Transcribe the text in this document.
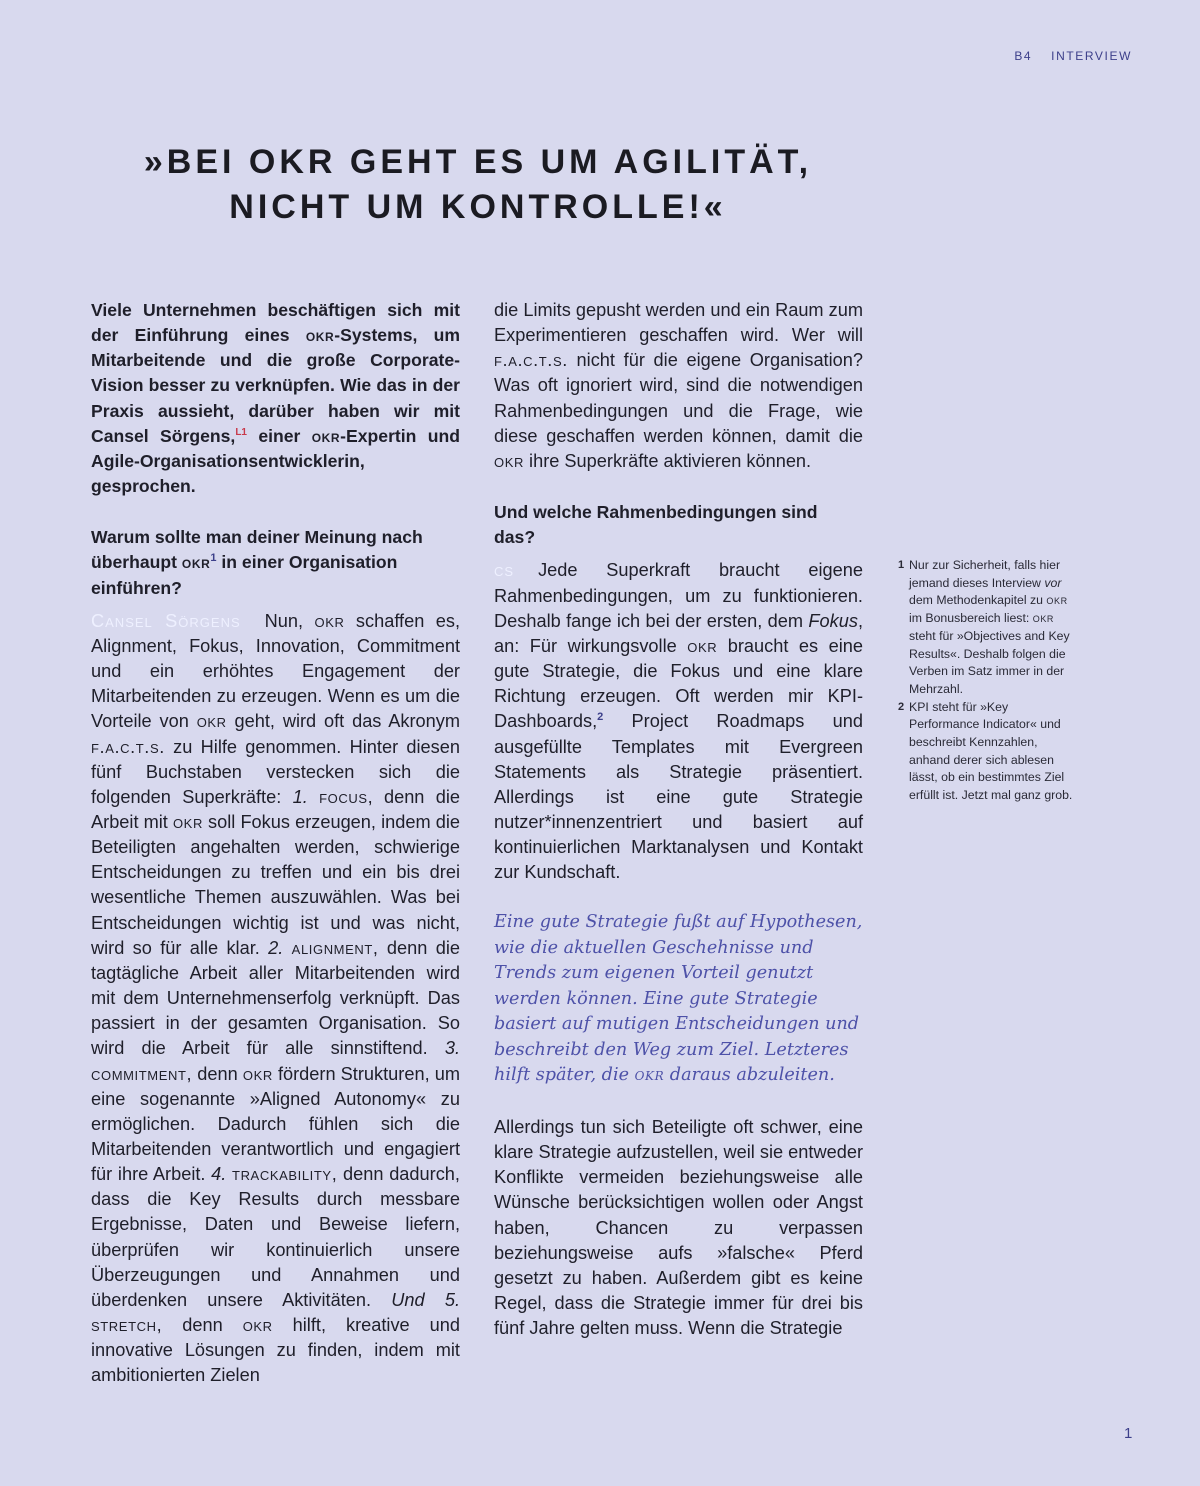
B4 INTERVIEW
»BEI OKR GEHT ES UM AGILITÄT,
NICHT UM KONTROLLE!«

Viele Unternehmen beschäftigen sich mit der Einführung eines okr-Systems, um Mitarbeitende und die große Corporate-Vision besser zu verknüpfen. Wie das in der Praxis aussieht, darüber haben wir mit Cansel Sörgens,$^{L1}$ einer okr-Expertin und Agile-Organisationsentwicklerin, gesprochen.

Warum sollte man deiner Meinung nach überhaupt okr$^1$ in einer Organisation einführen?

Cansel Sörgens Nun, okr schaffen es, Alignment, Fokus, Innovation, Commitment und ein erhöhtes Engagement der Mitarbeitenden zu erzeugen. Wenn es um die Vorteile von okr geht, wird oft das Akronym f.a.c.t.s. zu Hilfe genommen. Hinter diesen fünf Buchstaben verstecken sich die folgenden Superkräfte: 1. focus, denn die Arbeit mit okr soll Fokus erzeugen, indem die Beteiligten angehalten werden, schwierige Entscheidungen zu treffen und ein bis drei wesentliche Themen auszuwählen. Was bei Entscheidungen wichtig ist und was nicht, wird so für alle klar. 2. alignment, denn die tagtägliche Arbeit aller Mitarbeitenden wird mit dem Unternehmenserfolg verknüpft. Das passiert in der gesamten Organisation. So wird die Arbeit für alle sinnstiftend. 3. commitment, denn okr fördern Strukturen, um eine sogenannte »Aligned Autonomy« zu ermöglichen. Dadurch fühlen sich die Mitarbeitenden verantwortlich und engagiert für ihre Arbeit. 4. trackability, denn dadurch, dass die Key Results durch messbare Ergebnisse, Daten und Beweise liefern, überprüfen wir kontinuierlich unsere Überzeugungen und Annahmen und überdenken unsere Aktivitäten. Und 5. stretch, denn okr hilft, kreative und innovative Lösungen zu finden, indem mit ambitionierten Zielen

die Limits gepusht werden und ein Raum zum Experimentieren geschaffen wird. Wer will f.a.c.t.s. nicht für die eigene Organisation? Was oft ignoriert wird, sind die notwendigen Rahmenbedingungen und die Frage, wie diese geschaffen werden können, damit die okr ihre Superkräfte aktivieren können.

Und welche Rahmenbedingungen sind das?

cs Jede Superkraft braucht eigene Rahmenbedingungen, um zu funktionieren. Deshalb fange ich bei der ersten, dem Fokus, an: Für wirkungsvolle okr braucht es eine gute Strategie, die Fokus und eine klare Richtung erzeugen. Oft werden mir KPI-Dashboards,$^2$ Project Roadmaps und ausgefüllte Templates mit Evergreen Statements als Strategie präsentiert. Allerdings ist eine gute Strategie nutzer*innenzentriert und basiert auf kontinuierlichen Marktanalysen und Kontakt zur Kundschaft.

Eine gute Strategie fußt auf Hypothesen, wie die aktuellen Geschehnisse und Trends zum eigenen Vorteil genutzt werden können. Eine gute Strategie basiert auf mutigen Entscheidungen und beschreibt den Weg zum Ziel. Letzteres hilft später, die okr daraus abzuleiten.

Allerdings tun sich Beteiligte oft schwer, eine klare Strategie aufzustellen, weil sie entweder Konflikte vermeiden beziehungsweise alle Wünsche berücksichtigen wollen oder Angst haben, Chancen zu verpassen beziehungsweise aufs »falsche« Pferd gesetzt zu haben. Außerdem gibt es keine Regel, dass die Strategie immer für drei bis fünf Jahre gelten muss. Wenn die Strategie

1 Nur zur Sicherheit, falls hier jemand dieses Interview vor dem Methodenkapitel zu okr im Bonusbereich liest: okr steht für »Objectives and Key Results«. Deshalb folgen die Verben im Satz immer in der Mehrzahl.
2 KPI steht für »Key Performance Indicator« und beschreibt Kennzahlen, anhand derer sich ablesen lässt, ob ein bestimmtes Ziel erfüllt ist. Jetzt mal ganz grob.
1
